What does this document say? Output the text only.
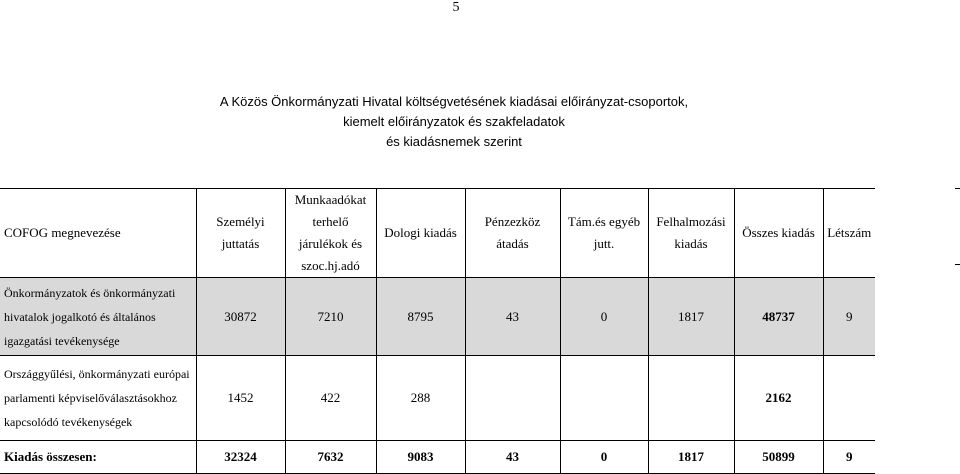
5
A Közös Önkormányzati Hivatal költségvetésének kiadásai előirányzat-csoportok,
kiemelt előirányzatok és szakfeladatok
és kiadásnemek szerint
COFOG megnevezése	Személyi juttatás	Munkaadókat terhelő járulékok és szoc.hj.adó	Dologi kiadás	Pénzezköz átadás	Tám.és egyéb jutt.	Felhalmozási kiadás	Összes kiadás	Létszám
Önkormányzatok és önkormányzati hivatalok jogalkotó és általános igazgatási tevékenysége	30872	7210	8795	43	0	1817	48737	9
Országgyűlési, önkormányzati európai parlamenti képviselőválasztásokhoz kapcsolódó tevékenységek	1452	422	288				2162	
Kiadás összesen:	32324	7632	9083	43	0	1817	50899	9
